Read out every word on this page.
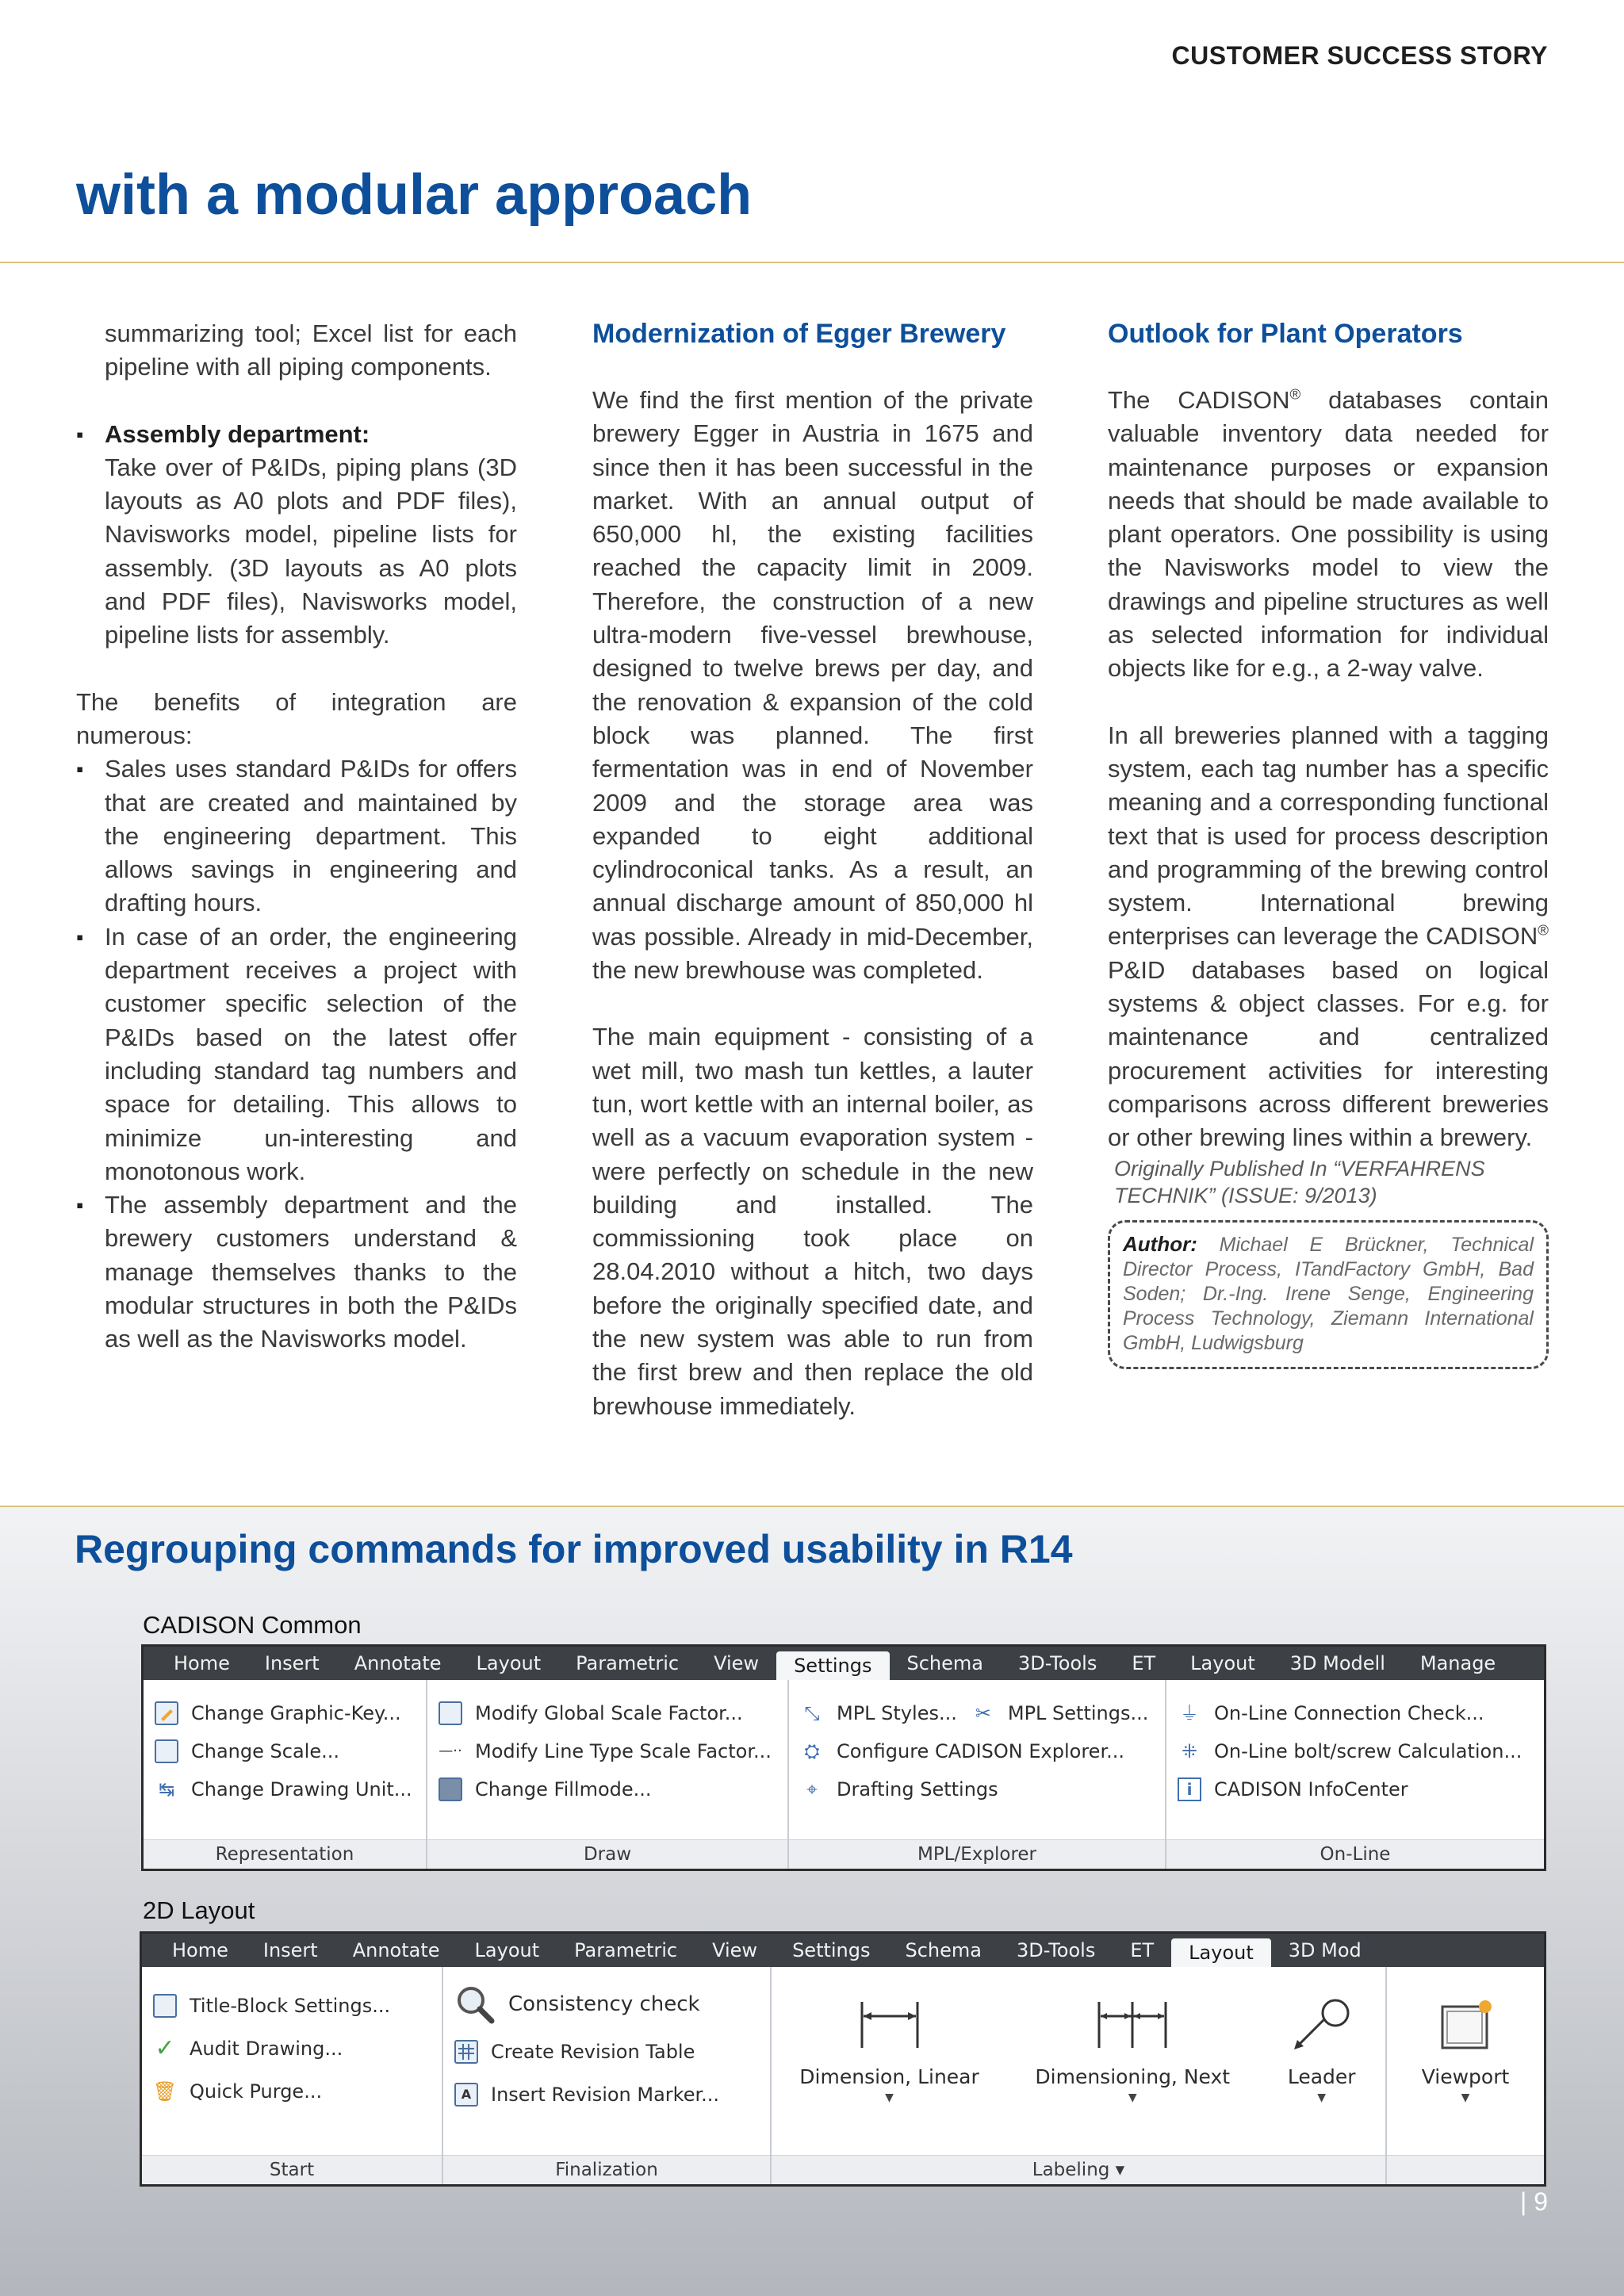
CUSTOMER SUCCESS STORY
with a modular approach

summarizing tool; Excel list for each pipeline with all piping components.

▪ Assembly department:

Take over of P&IDs, piping plans (3D layouts as A0 plots and PDF files), Navisworks model, pipeline lists for assembly. (3D layouts as A0 plots and PDF files), Navisworks model, pipeline lists for assembly.

The benefits of integration are numerous:

▪ Sales uses standard P&IDs for offers that are created and maintained by the engineering department. This allows savings in engineering and drafting hours.

▪ In case of an order, the engineering department receives a project with customer specific selection of the P&IDs based on the latest offer including standard tag numbers and space for detailing. This allows to minimize un-interesting and monotonous work.

▪ The assembly department and the brewery customers understand & manage themselves thanks to the modular structures in both the P&IDs as well as the Navisworks model.

Modernization of Egger Brewery

We find the first mention of the private brewery Egger in Austria in 1675 and since then it has been successful in the market. With an annual output of 650,000 hl, the existing facilities reached the capacity limit in 2009. Therefore, the construction of a new ultra-modern five-vessel brewhouse, designed to twelve brews per day, and the renovation & expansion of the cold block was planned. The first fermentation was in end of November 2009 and the storage area was expanded to eight additional cylindroconical tanks. As a result, an annual discharge amount of 850,000 hl was possible. Already in mid-December, the new brewhouse was completed.

The main equipment - consisting of a wet mill, two mash tun kettles, a lauter tun, wort kettle with an internal boiler, as well as a vacuum evaporation system - were perfectly on schedule in the new building and installed. The commissioning took place on 28.04.2010 without a hitch, two days before the originally specified date, and the new system was able to run from the first brew and then replace the old brewhouse immediately.

Outlook for Plant Operators

The CADISON® databases contain valuable inventory data needed for maintenance purposes or expansion needs that should be made available to plant operators. One possibility is using the Navisworks model to view the drawings and pipeline structures as well as selected information for individual objects like for e.g., a 2-way valve.

In all breweries planned with a tagging system, each tag number has a specific meaning and a corresponding functional text that is used for process description and programming of the brewing control system. International brewing enterprises can leverage the CADISON® P&ID databases based on logical systems & object classes. For e.g. for maintenance and centralized procurement activities for interesting comparisons across different breweries or other brewing lines within a brewery.

Originally Published In “VERFAHRENS TECHNIK” (ISSUE: 9/2013)

Author: Michael E Brückner, Technical Director Process, ITandFactory GmbH, Bad Soden; Dr.-Ing. Irene Senge, Engineering Process Technology, Ziemann International GmbH, Ludwigsburg
Regrouping commands for improved usability in R14
CADISON Common
Home	Insert	Annotate	Layout	Parametric	View	Settings	Schema	3D-Tools	ET	Layout	3D Modell	Manage
Change Graphic-Key...
Change Scale...
↹ Change Drawing Unit...
Representation
Modify Global Scale Factor...
—·· Modify Line Type Scale Factor...
Change Fillmode...
Draw
⤡ MPL Styles... ✂ MPL Settings...
⛭ Configure CADISON Explorer...
⌖	Drafting Settings
MPL/Explorer
⏚ On-Line Connection Check...
⁜ On-Line bolt/screw Calculation...
i	CADISON InfoCenter
On-Line
2D Layout
Home	Insert	Annotate	Layout	Parametric	View	Settings	Schema	3D-Tools	ET	Layout	3D Mod
Title-Block Settings...
✓ Audit Drawing...
🗑 Quick Purge...
Start
Consistency check
Create Revision Table
A	Insert Revision Marker...
Finalization
Dimension, Linear
▼
Dimensioning, Next
▼
Leader
▼
Labeling ▾
Viewport
▼
| 9
